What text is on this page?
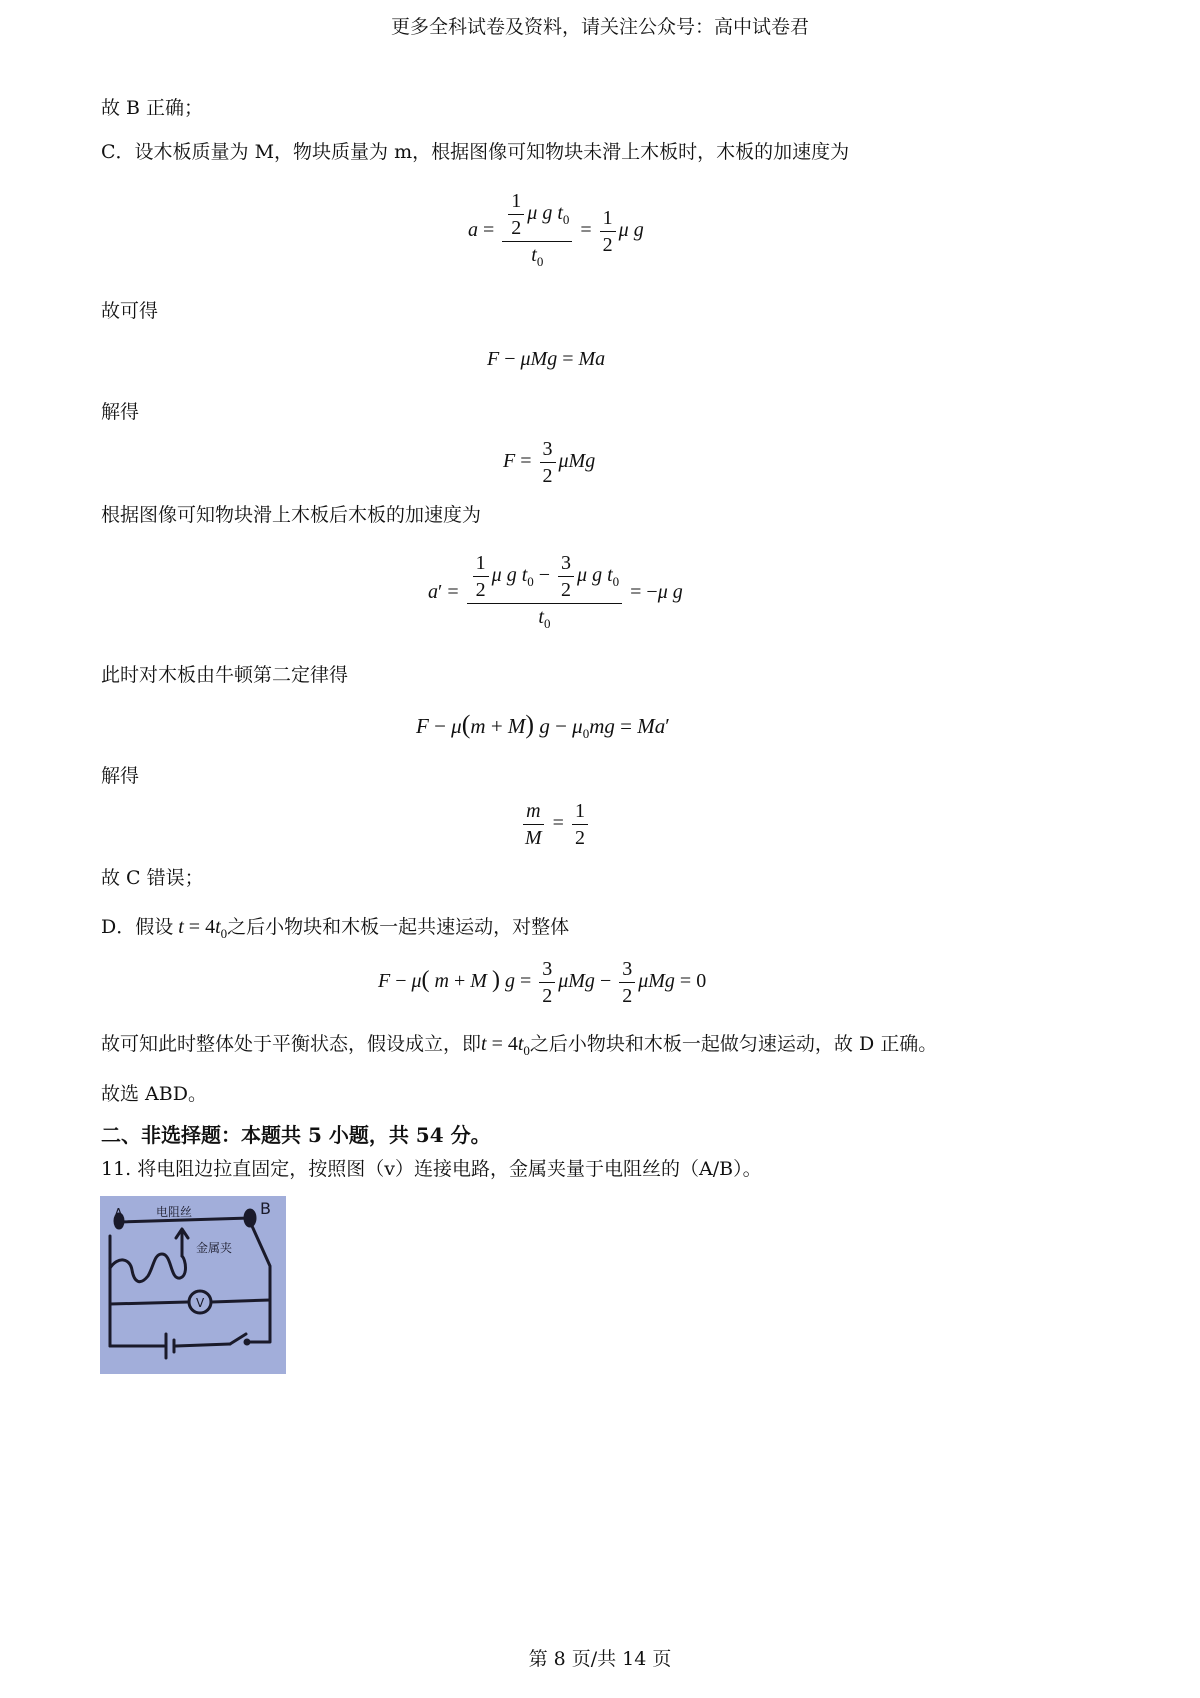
更多全科试卷及资料，请关注公众号：高中试卷君
故 B 正确；
C．设木板质量为 M，物块质量为 m，根据图像可知物块未滑上木板时，木板的加速度为
$a = \frac{\frac{1}{2} \mu g t_0}{t_0} = \frac{1}{2}$ μ g
故可得
F − μMg = Ma
解得
$F = \frac{3}{2}$ μMg
根据图像可知物块滑上木板后木板的加速度为
$a' = \frac{\frac{1}{2} \mu g t_0 - \frac{3}{2} \mu g t_0}{t_0} = -\mu$ g
此时对木板由牛顿第二定律得
F − μ(m + M) $g - \mu_0mg = Ma'$
解得
$\frac{m}{M} = \frac{1}{2}$
故 C 错误；
D．假设 $t = 4t_0$之后小物块和木板一起共速运动，对整体
F − μ( m + M ) $g = \frac{3}{2}$ $\mu Mg - \frac{3}{2}$ μMg = 0
故可知此时整体处于平衡状态，假设成立，即$t = 4t_0$之后小物块和木板一起做匀速运动，故 D 正确。
故选 ABD。
二、非选择题：本题共 5 小题，共 54 分。
11. 将电阻边拉直固定，按照图（v）连接电路，金属夹量于电阻丝的（A/B）。
A	B
电阻丝
金属夹
V
第 8 页/共 14 页
